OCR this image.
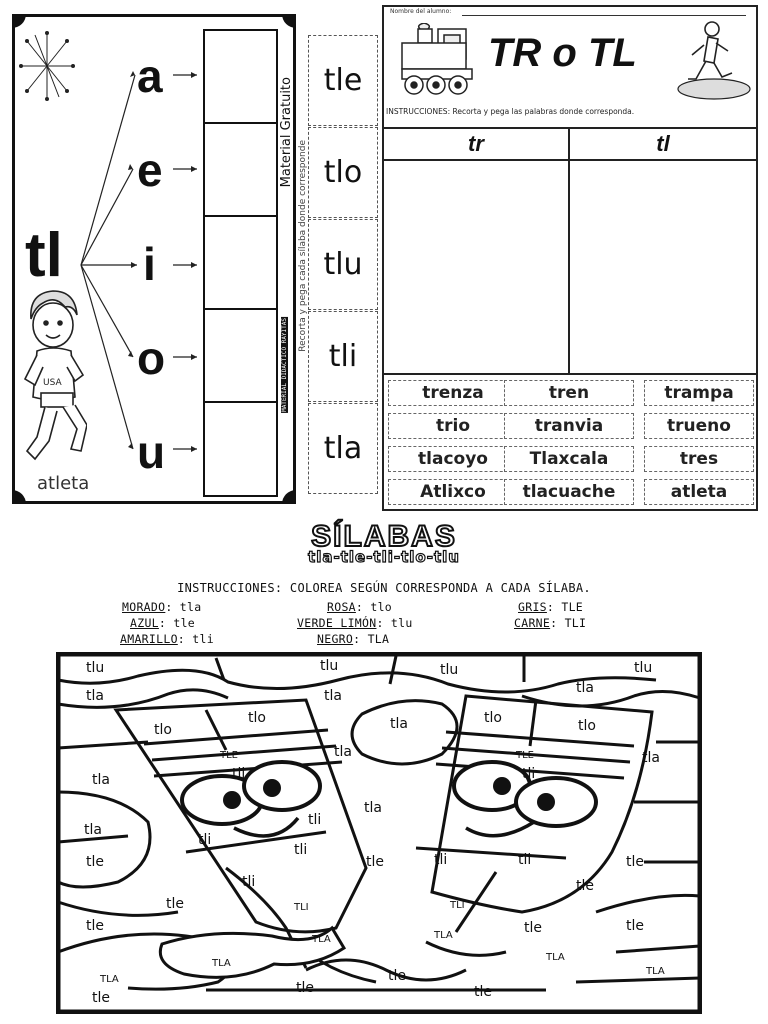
tl
a
e
i
o
u
USA
atleta
Material Gratuito
MATERIAL DIDÁCTICO RAYITAS
Recorta y pega cada sílaba donde corresponde
tle
tlo
tlu
tli
tla
Nombre del alumno:
TR o TL
INSTRUCCIONES: Recorta y pega las palabras donde corresponda.
tr	tl
trenza	tren	trampa
trio	tranvia	trueno
tlacoyo	Tlaxcala	tres
Atlixco	tlacuache	atleta
SÍLABAS
tla-tle-tli-tlo-tlu
INSTRUCCIONES: COLOREA SEGÚN CORRESPONDA A CADA SÍLABA.
MORADO: tla	ROSA: tlo	GRIS: TLE
AZUL: tle	VERDE LIMÓN: tlu	CARNE: TLI
AMARILLO: tli	NEGRO: TLA
tlu	tlu	tlu	tlu
tla	tla	tla
tla
tla	tla
tla
tla
tla
tlo
tlo
tlo	tlo
TLE	TLE
tli	tli
tli
tli
tli
tli	tli
tli
TLI	TLI
TLA	TLA
TLA
TLA
TLA
TLA
tle	tle	tle
tle
tle
tle	tle	tle
tle
tle
tle
tle
